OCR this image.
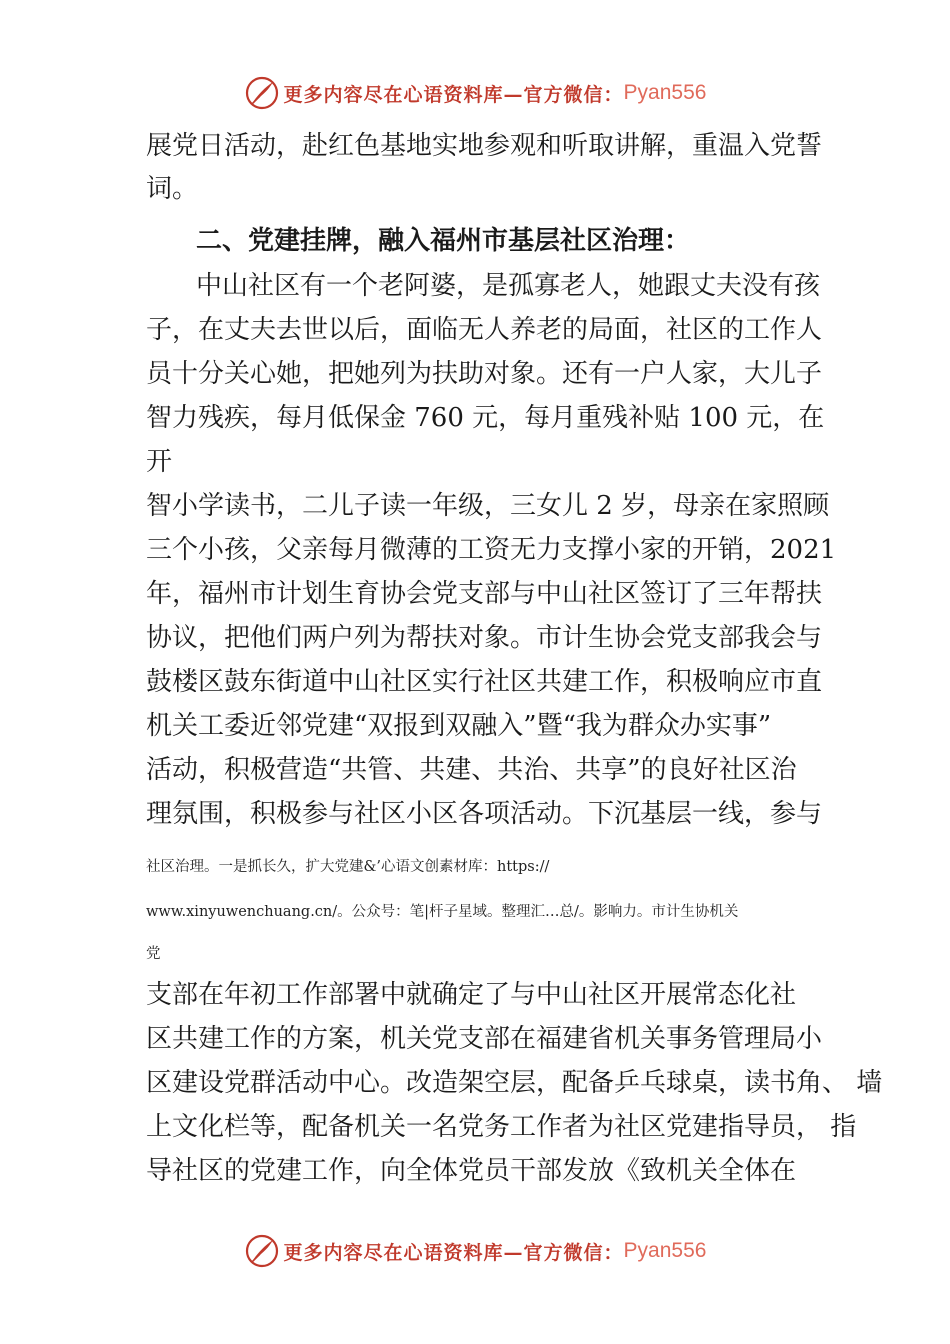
更多内容尽在心语资料库—官方微信： Pyan556
展党日活动，赴红色基地实地参观和听取讲解，重温入党誓
词。
二、党建挂牌，融入福州市基层社区治理：
中山社区有一个老阿婆，是孤寡老人，她跟丈夫没有孩
子，在丈夫去世以后，面临无人养老的局面，社区的工作人
员十分关心她，把她列为扶助对象。还有一户人家，大儿子
智力残疾，每月低保金 760 元，每月重残补贴 100 元，在
开
智小学读书，二儿子读一年级，三女儿 2 岁，母亲在家照顾
三个小孩，父亲每月微薄的工资无力支撑小家的开销，2021
年，福州市计划生育协会党支部与中山社区签订了三年帮扶
协议，把他们两户列为帮扶对象。市计生协会党支部我会与
鼓楼区鼓东街道中山社区实行社区共建工作，积极响应市直
机关工委近邻党建“双报到双融入”暨“我为群众办实事”
活动，积极营造“共管、共建、共治、共享”的良好社区治
理氛围，积极参与社区小区各项活动。下沉基层一线，参与
社区治理。一是抓长久，扩大党建&’心语文创素材库：https://
www.xinyuwenchuang.cn/。公众号：笔|杆子星域。整理汇…总/。影响力。市计生协机关
党
支部在年初工作部署中就确定了与中山社区开展常态化社
区共建工作的方案，机关党支部在福建省机关事务管理局小
区建设党群活动中心。改造架空层，配备乒乓球桌，读书角、 墙
上文化栏等，配备机关一名党务工作者为社区党建指导员， 指
导社区的党建工作，向全体党员干部发放《致机关全体在
更多内容尽在心语资料库—官方微信： Pyan556
